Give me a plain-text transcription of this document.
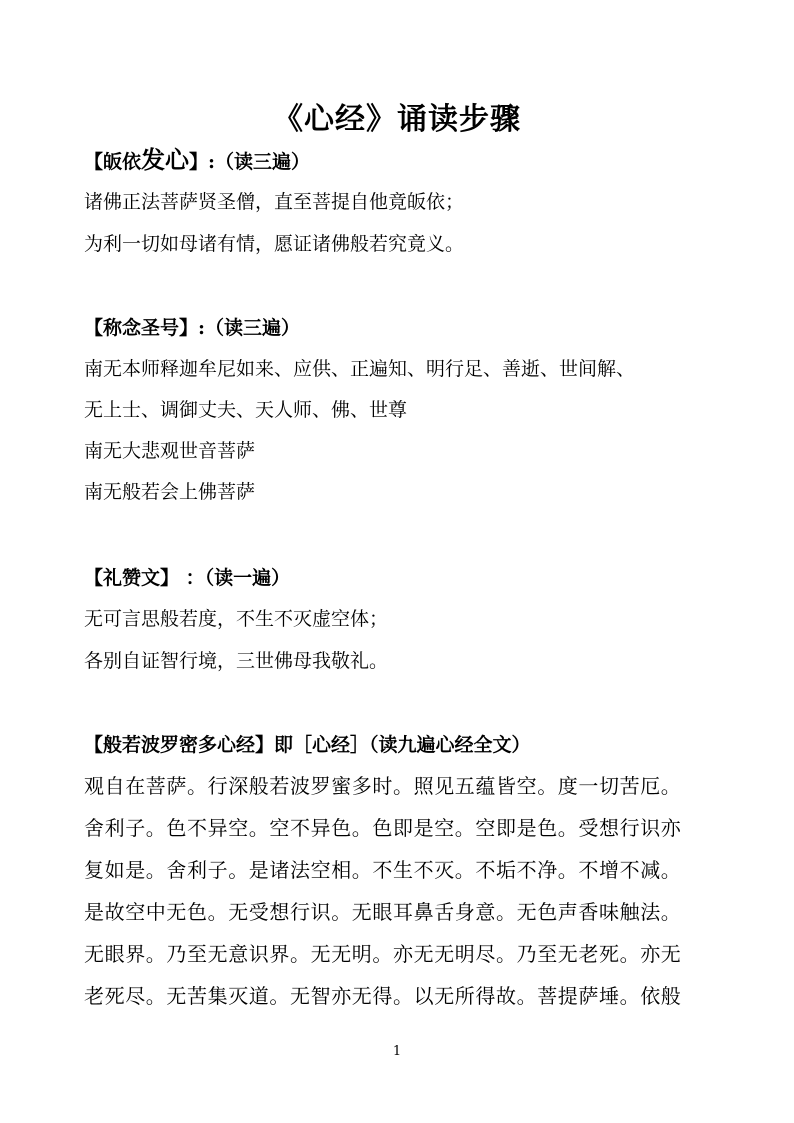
《心经》诵读步骤
【皈依发心】:（读三遍）
诸佛正法菩萨贤圣僧，直至菩提自他竟皈依；
为利一切如母诸有情，愿证诸佛般若究竟义。
【称念圣号】:（读三遍）
南无本师释迦牟尼如来、应供、正遍知、明行足、善逝、世间解、
无上士、调御丈夫、天人师、佛、世尊
南无大悲观世音菩萨
南无般若会上佛菩萨
【礼赞文】 ：（读一遍）
无可言思般若度，不生不灭虚空体；
各别自证智行境，三世佛母我敬礼。
【般若波罗密多心经】即［心经］（读九遍心经全文）
观自在菩萨。行深般若波罗蜜多时。照见五蕴皆空。度一切苦厄。
舍利子。色不异空。空不异色。色即是空。空即是色。受想行识亦
复如是。舍利子。是诸法空相。不生不灭。不垢不净。不增不减。
是故空中无色。无受想行识。无眼耳鼻舌身意。无色声香味触法。
无眼界。乃至无意识界。无无明。亦无无明尽。乃至无老死。亦无
老死尽。无苦集灭道。无智亦无得。以无所得故。菩提萨埵。依般
1
